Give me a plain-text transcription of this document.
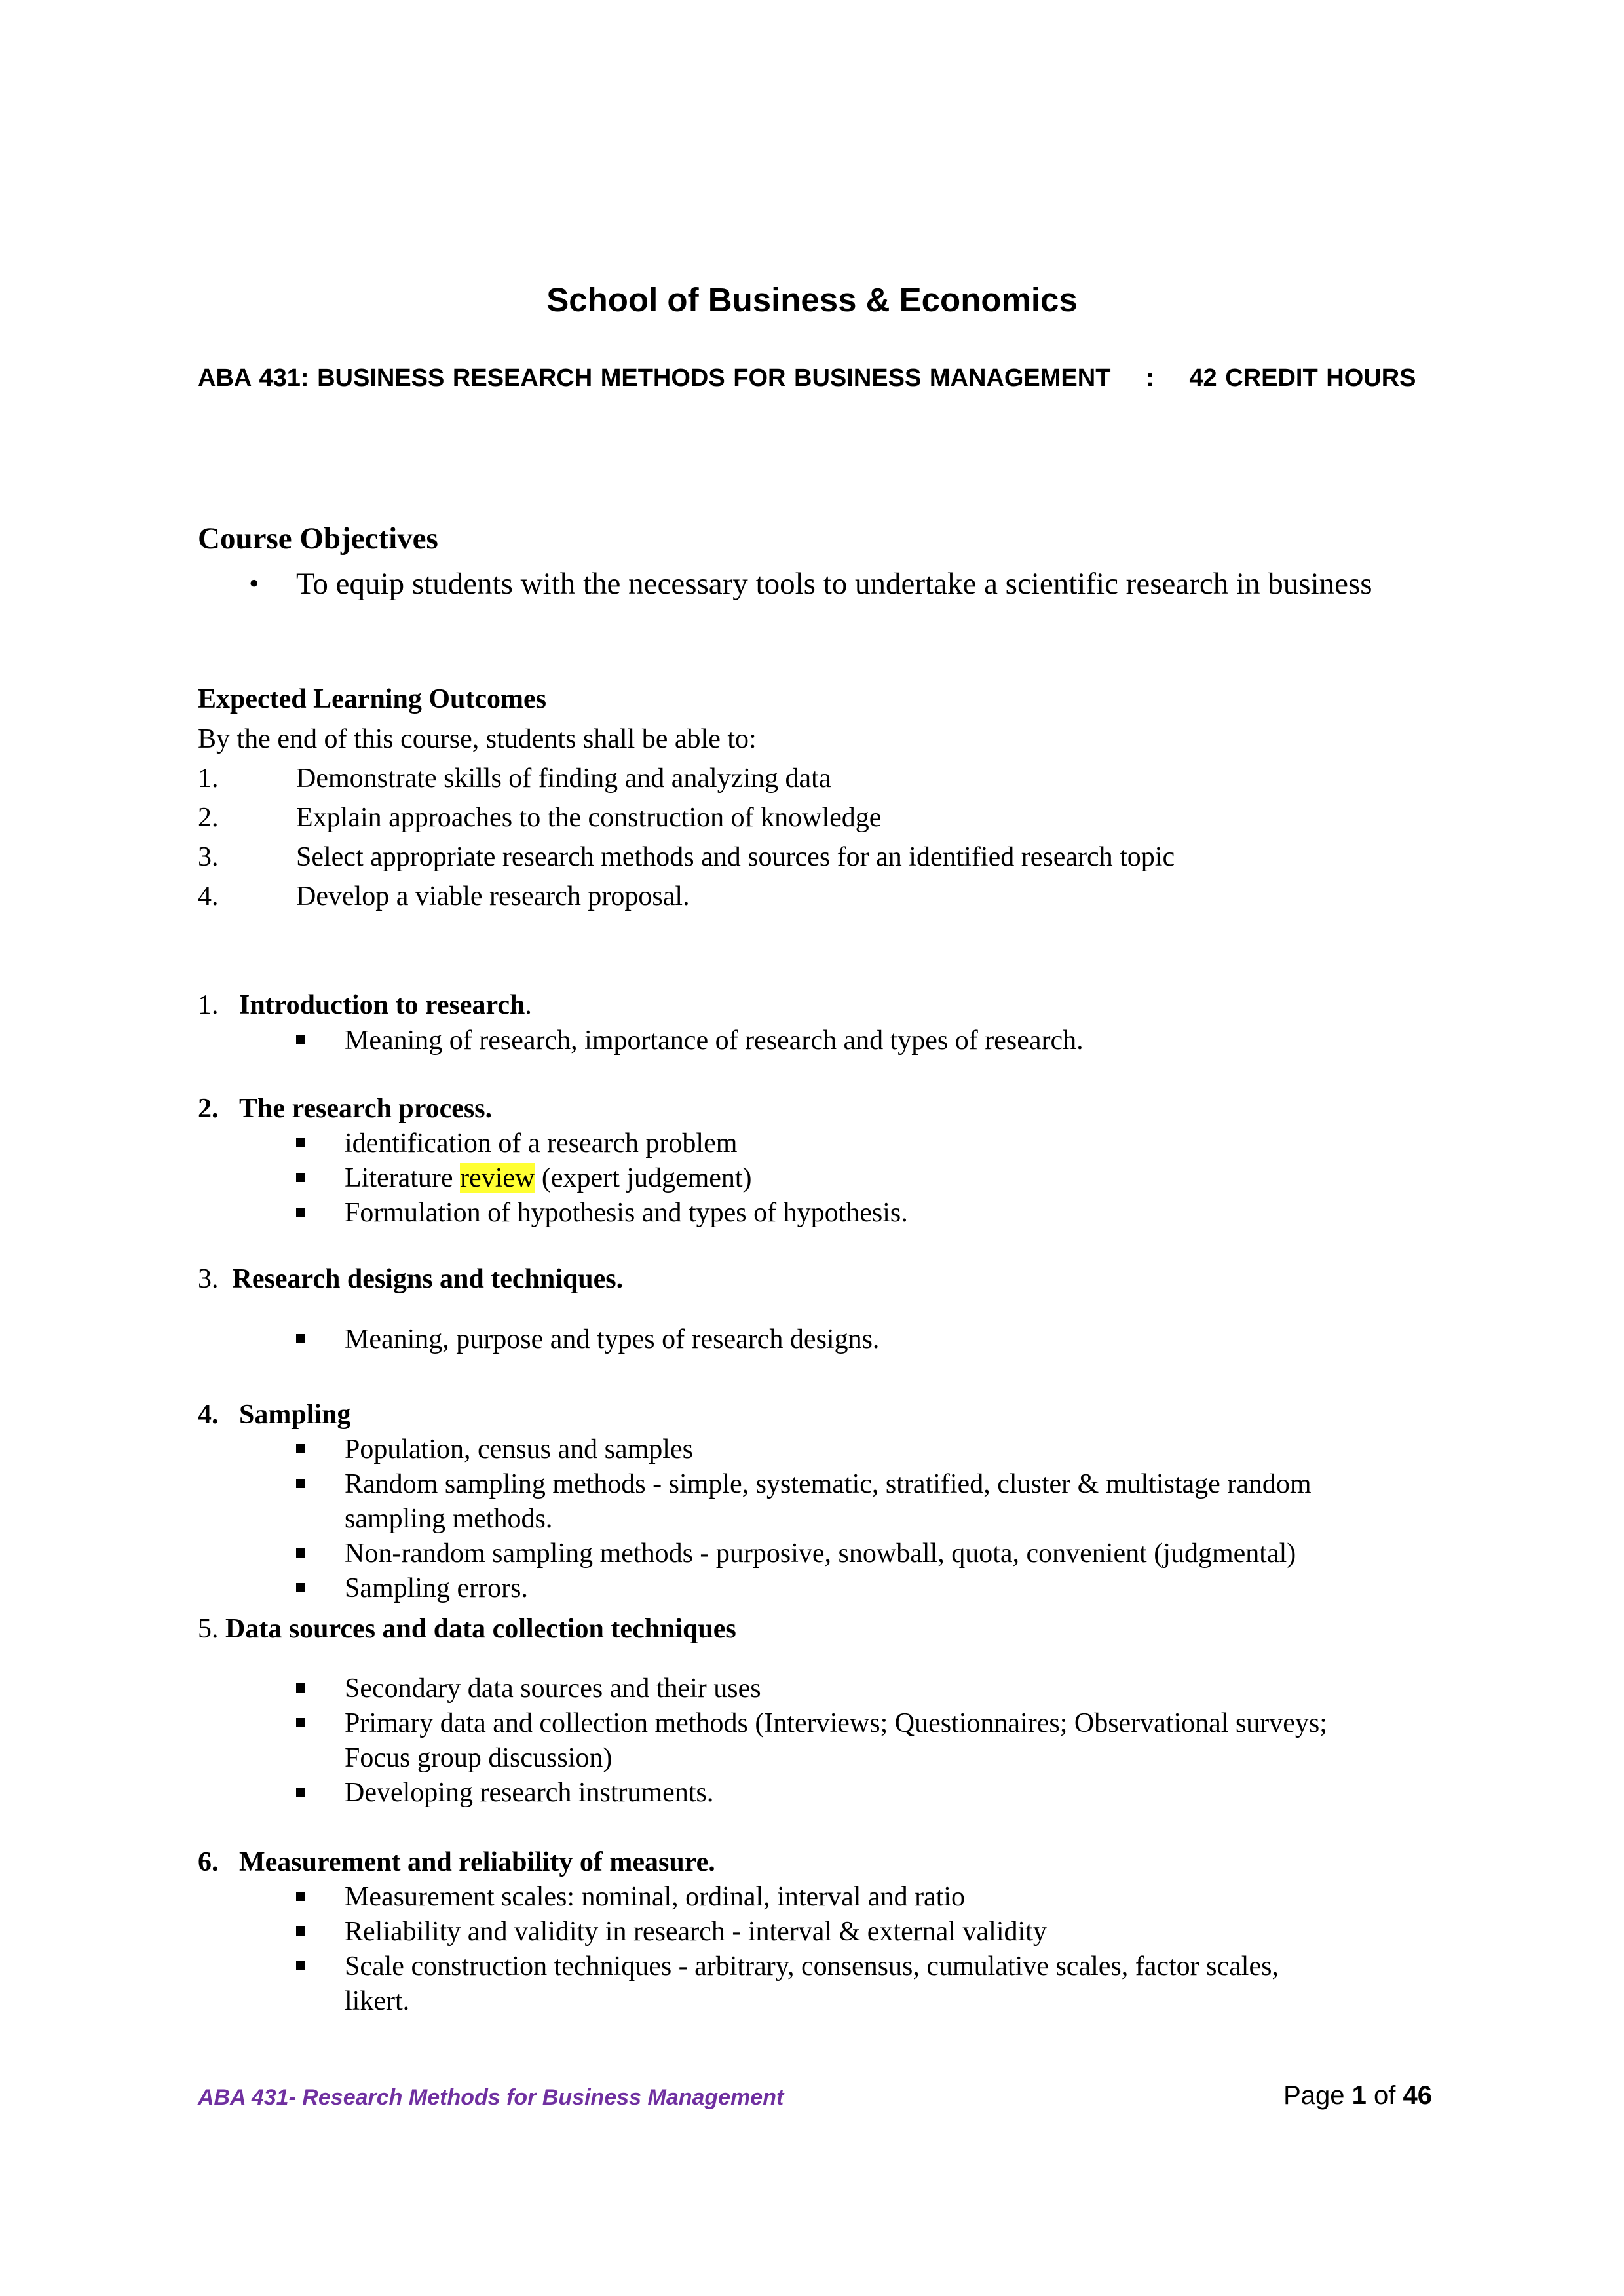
School of Business & Economics
ABA 431: BUSINESS RESEARCH METHODS FOR BUSINESS MANAGEMENT : 42 CREDIT HOURS
Course Objectives
• To equip students with the necessary tools to undertake a scientific research in business
Expected Learning Outcomes
By the end of this course, students shall be able to:
1.	Demonstrate skills of finding and analyzing data
2.	Explain approaches to the construction of knowledge
3.	Select appropriate research methods and sources for an identified research topic
4.	Develop a viable research proposal.
1. Introduction to research.
Meaning of research, importance of research and types of research.
2. The research process.
identification of a research problem
Literature review (expert judgement)
Formulation of hypothesis and types of hypothesis.
3. Research designs and techniques.
Meaning, purpose and types of research designs.
4. Sampling
Population, census and samples
Random sampling methods - simple, systematic, stratified, cluster & multistage random
sampling methods.
Non-random sampling methods - purposive, snowball, quota, convenient (judgmental)
Sampling errors.
5. Data sources and data collection techniques
Secondary data sources and their uses
Primary data and collection methods (Interviews; Questionnaires; Observational surveys;
Focus group discussion)
Developing research instruments.
6. Measurement and reliability of measure.
Measurement scales: nominal, ordinal, interval and ratio
Reliability and validity in research - interval & external validity
Scale construction techniques - arbitrary, consensus, cumulative scales, factor scales,
likert.
ABA 431- Research Methods for Business Management	Page 1 of 46
